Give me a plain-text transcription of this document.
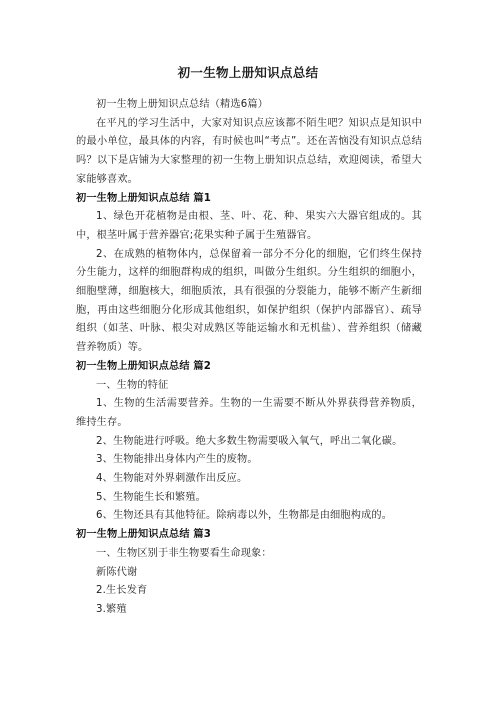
初一生物上册知识点总结

初一生物上册知识点总结（精选6篇）

在平凡的学习生活中，大家对知识点应该都不陌生吧？知识点是知识中的最小单位，最具体的内容，有时候也叫“考点”。还在苦恼没有知识点总结吗？以下是店铺为大家整理的初一生物上册知识点总结，欢迎阅读，希望大家能够喜欢。

初一生物上册知识点总结 篇1

1、绿色开花植物是由根、茎、叶、花、种、果实六大器官组成的。其中，根茎叶属于营养器官;花果实种子属于生殖器官。

2、在成熟的植物体内，总保留着一部分不分化的细胞，它们终生保持分生能力，这样的细胞群构成的组织，叫做分生组织。分生组织的细胞小，细胞壁薄，细胞核大，细胞质浓，具有很强的分裂能力，能够不断产生新细胞，再由这些细胞分化形成其他组织，如保护组织（保护内部器官）、疏导组织（如茎、叶脉、根尖对成熟区等能运输水和无机盐）、营养组织（储藏营养物质）等。

初一生物上册知识点总结 篇2

一、生物的特征

1、生物的生活需要营养。生物的一生需要不断从外界获得营养物质，维持生存。

2、生物能进行呼吸。绝大多数生物需要吸入氧气，呼出二氧化碳。

3、生物能排出身体内产生的废物。

4、生物能对外界刺激作出反应。

5、生物能生长和繁殖。

6、生物还具有其他特征。除病毒以外，生物都是由细胞构成的。

初一生物上册知识点总结 篇3

一、生物区别于非生物要看生命现象：

新陈代谢

2.生长发育

3.繁殖
